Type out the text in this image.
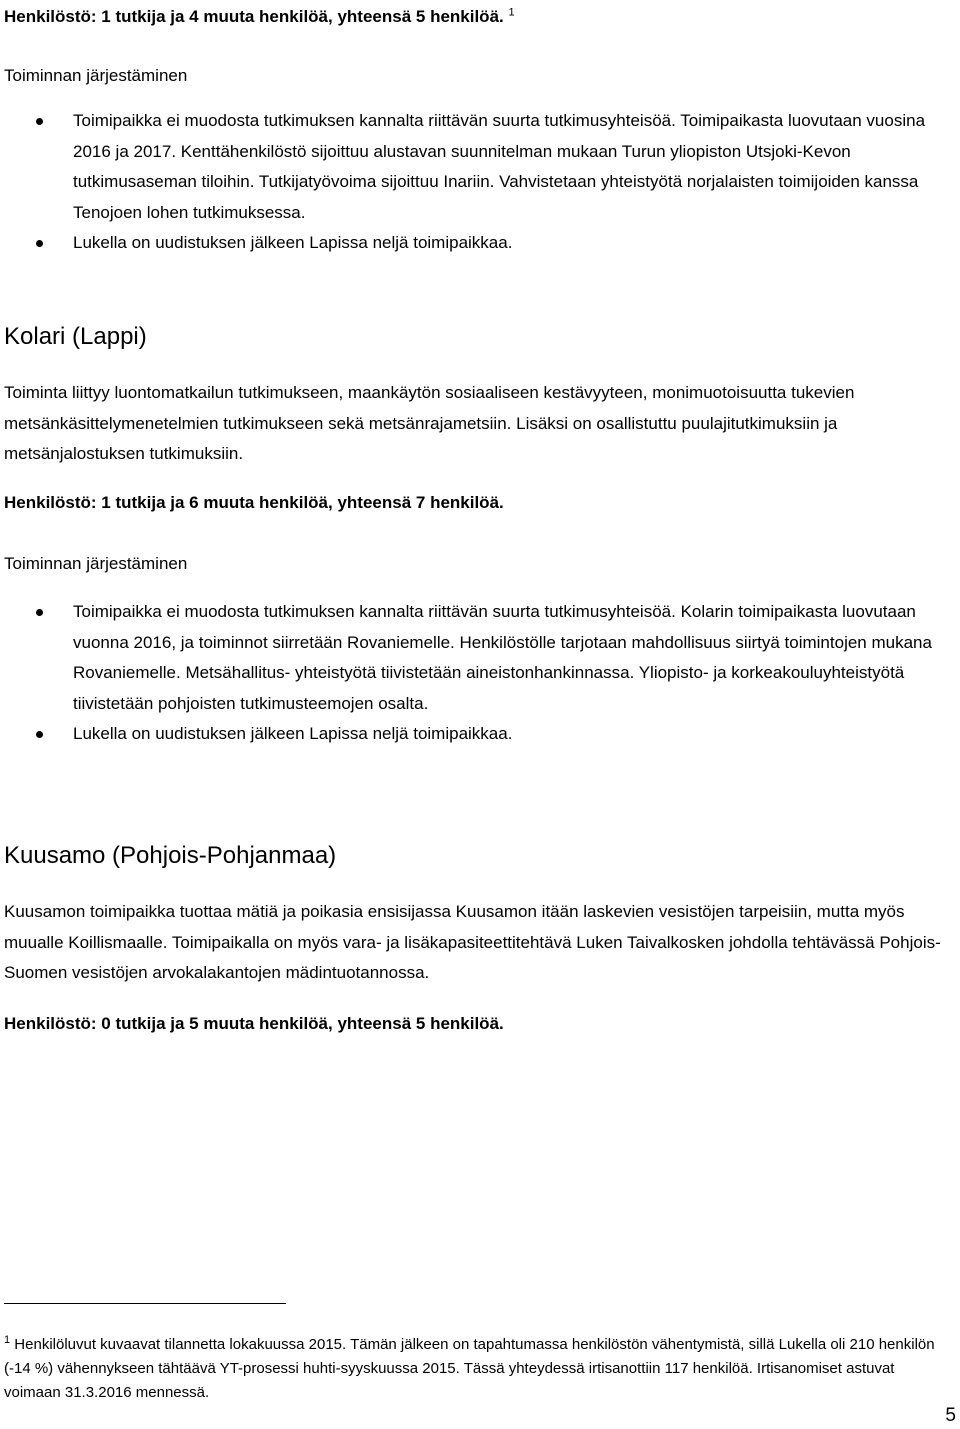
Henkilöstö: 1 tutkija ja 4 muuta henkilöä, yhteensä 5 henkilöä. $^1$

Toiminnan järjestäminen

Toimipaikka ei muodosta tutkimuksen kannalta riittävän suurta tutkimusyhteisöä. Toimipaikasta luovutaan vuosina 2016 ja 2017. Kenttähenkilöstö sijoittuu alustavan suunnitelman mukaan Turun yliopiston Utsjoki-Kevon tutkimusaseman tiloihin. Tutkijatyövoima sijoittuu Inariin. Vahvistetaan yhteistyötä norjalaisten toimijoiden kanssa Tenojoen lohen tutkimuksessa.
Lukella on uudistuksen jälkeen Lapissa neljä toimipaikkaa.

Kolari (Lappi)

Toiminta liittyy luontomatkailun tutkimukseen, maankäytön sosiaaliseen kestävyyteen, monimuotoisuutta tukevien metsänkäsittelymenetelmien tutkimukseen sekä metsänrajametsiin. Lisäksi on osallistuttu puulajitutkimuksiin ja metsänjalostuksen tutkimuksiin.

Henkilöstö: 1 tutkija ja 6 muuta henkilöä, yhteensä 7 henkilöä.

Toiminnan järjestäminen

Toimipaikka ei muodosta tutkimuksen kannalta riittävän suurta tutkimusyhteisöä. Kolarin toimipaikasta luovutaan vuonna 2016, ja toiminnot siirretään Rovaniemelle. Henkilöstölle tarjotaan mahdollisuus siirtyä toimintojen mukana Rovaniemelle. Metsähallitus- yhteistyötä tiivistetään aineistonhankinnassa. Yliopisto- ja korkeakouluyhteistyötä tiivistetään pohjoisten tutkimusteemojen osalta.
Lukella on uudistuksen jälkeen Lapissa neljä toimipaikkaa.

Kuusamo (Pohjois-Pohjanmaa)

Kuusamon toimipaikka tuottaa mätiä ja poikasia ensisijassa Kuusamon itään laskevien vesistöjen tarpeisiin, mutta myös muualle Koillismaalle. Toimipaikalla on myös vara- ja lisäkapasiteettitehtävä Luken Taivalkosken johdolla tehtävässä Pohjois-Suomen vesistöjen arvokalakantojen mädintuotannossa.

Henkilöstö: 0 tutkija ja 5 muuta henkilöä, yhteensä 5 henkilöä.

$^1$ Henkilöluvut kuvaavat tilannetta lokakuussa 2015. Tämän jälkeen on tapahtumassa henkilöstön vähentymistä, sillä Lukella oli 210 henkilön (-14 %) vähennykseen tähtäävä YT-prosessi huhti-syyskuussa 2015. Tässä yhteydessä irtisanottiin 117 henkilöä. Irtisanomiset astuvat voimaan 31.3.2016 mennessä.

5
